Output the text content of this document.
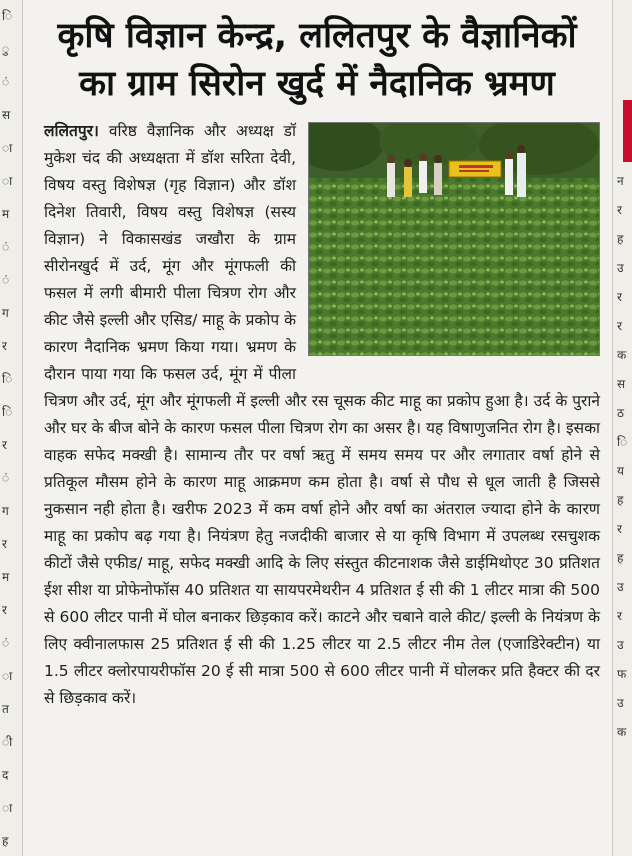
ि
ु
ं
स
ा
ा
म
ं
ं
ग
र
ि
ि
र
ं
ग
र
म
र
ं
ा
त
ी
द
ा
ह
न
र
ह
उ
र
र
क
स
ठ
ि
य
ह
र
ह
उ
र
उ
फ
उ
क
कृषि विज्ञान केन्द्र, ललितपुर के वैज्ञानिकों
का ग्राम सिरोन खुर्द में नैदानिक भ्रमण
ललितपुर। वरिष्ठ वैज्ञानिक और अध्यक्ष डॉ मुकेश चंद की अध्यक्षता में डॉश सरिता देवी, विषय वस्तु विशेषज्ञ (गृह विज्ञान) और डॉश दिनेश तिवारी, विषय वस्तु विशेषज्ञ (सस्य विज्ञान) ने विकासखंड जखौरा के ग्राम सीरोनखुर्द में उर्द, मूंग और मूंगफली की फसल में लगी बीमारी पीला चित्रण रोग और कीट जैसे इल्ली और एसिड/ माहू के प्रकोप के कारण नैदानिक भ्रमण किया गया। भ्रमण के दौरान पाया गया कि फसल उर्द, मूंग में पीला चित्रण और उर्द, मूंग और मूंगफली में इल्ली और रस चूसक कीट माहू का प्रकोप हुआ है। उर्द के पुराने और घर के बीज बोने के कारण फसल पीला चित्रण रोग का असर है। यह विषाणुजनित रोग है। इसका वाहक सफेद मक्खी है। सामान्य तौर पर वर्षा ऋतु में समय समय पर और लगातार वर्षा होने से प्रतिकूल मौसम होने के कारण माहू आक्रमण कम होता है। वर्षा से पौध से धूल जाती है जिससे नुकसान नही होता है। खरीफ 2023 में कम वर्षा होने और वर्षा का अंतराल ज्यादा होने के कारण माहू का प्रकोप बढ़ गया है। नियंत्रण हेतु नजदीकी बाजार से या कृषि विभाग में उपलब्ध रसचुशक कीटों जैसे एफीड/ माहू, सफेद मक्खी आदि के लिए संस्तुत कीटनाशक जैसे डाईमिथोएट 30 प्रतिशत ईश सीश या प्रोफेनोफॉस 40 प्रतिशत या सायपरमेथरीन 4 प्रतिशत ई सी की 1 लीटर मात्रा की 500 से 600 लीटर पानी में घोल बनाकर छिड़काव करें। काटने और चबाने वाले कीट/ इल्ली के नियंत्रण के लिए क्वीनालफास 25 प्रतिशत ई सी की 1.25 लीटर या 2.5 लीटर नीम तेल (एजाडिरेक्टीन) या 1.5 लीटर क्लोरपायरीफॉस 20 ई सी मात्रा 500 से 600 लीटर पानी में घोलकर प्रति हैक्टर की दर से छिड़काव करें।
